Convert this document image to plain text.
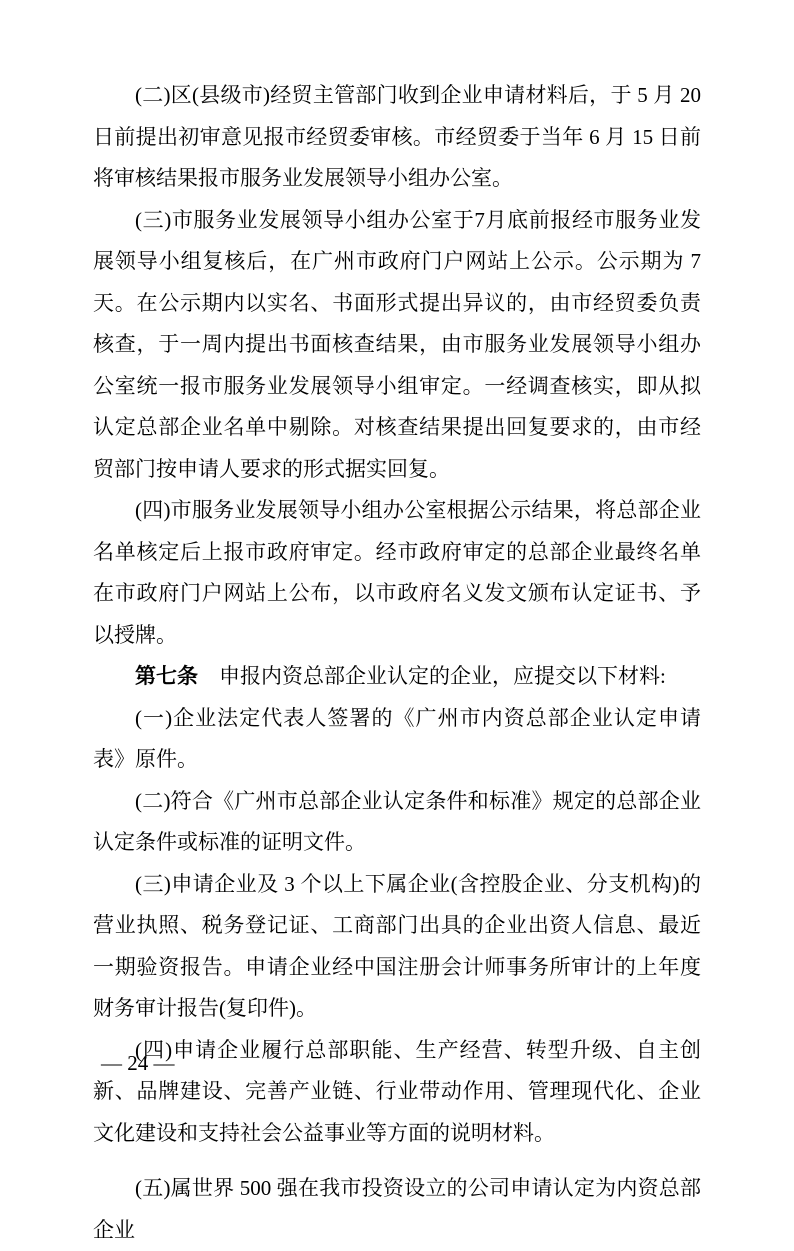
(二)区(县级市)经贸主管部门收到企业申请材料后，于 5 月 20 日前提出初审意见报市经贸委审核。市经贸委于当年 6 月 15 日前将审核结果报市服务业发展领导小组办公室。

(三)市服务业发展领导小组办公室于7月底前报经市服务业发展领导小组复核后，在广州市政府门户网站上公示。公示期为 7 天。在公示期内以实名、书面形式提出异议的，由市经贸委负责核查，于一周内提出书面核查结果，由市服务业发展领导小组办公室统一报市服务业发展领导小组审定。一经调查核实，即从拟认定总部企业名单中剔除。对核查结果提出回复要求的，由市经贸部门按申请人要求的形式据实回复。

(四)市服务业发展领导小组办公室根据公示结果，将总部企业名单核定后上报市政府审定。经市政府审定的总部企业最终名单在市政府门户网站上公布，以市政府名义发文颁布认定证书、予以授牌。

第七条　申报内资总部企业认定的企业，应提交以下材料:

(一)企业法定代表人签署的《广州市内资总部企业认定申请表》原件。

(二)符合《广州市总部企业认定条件和标准》规定的总部企业认定条件或标准的证明文件。

(三)申请企业及 3 个以上下属企业(含控股企业、分支机构)的营业执照、税务登记证、工商部门出具的企业出资人信息、最近一期验资报告。申请企业经中国注册会计师事务所审计的上年度财务审计报告(复印件)。

(四)申请企业履行总部职能、生产经营、转型升级、自主创新、品牌建设、完善产业链、行业带动作用、管理现代化、企业文化建设和支持社会公益事业等方面的说明材料。

(五)属世界 500 强在我市投资设立的公司申请认定为内资总部企业

— 24 —
